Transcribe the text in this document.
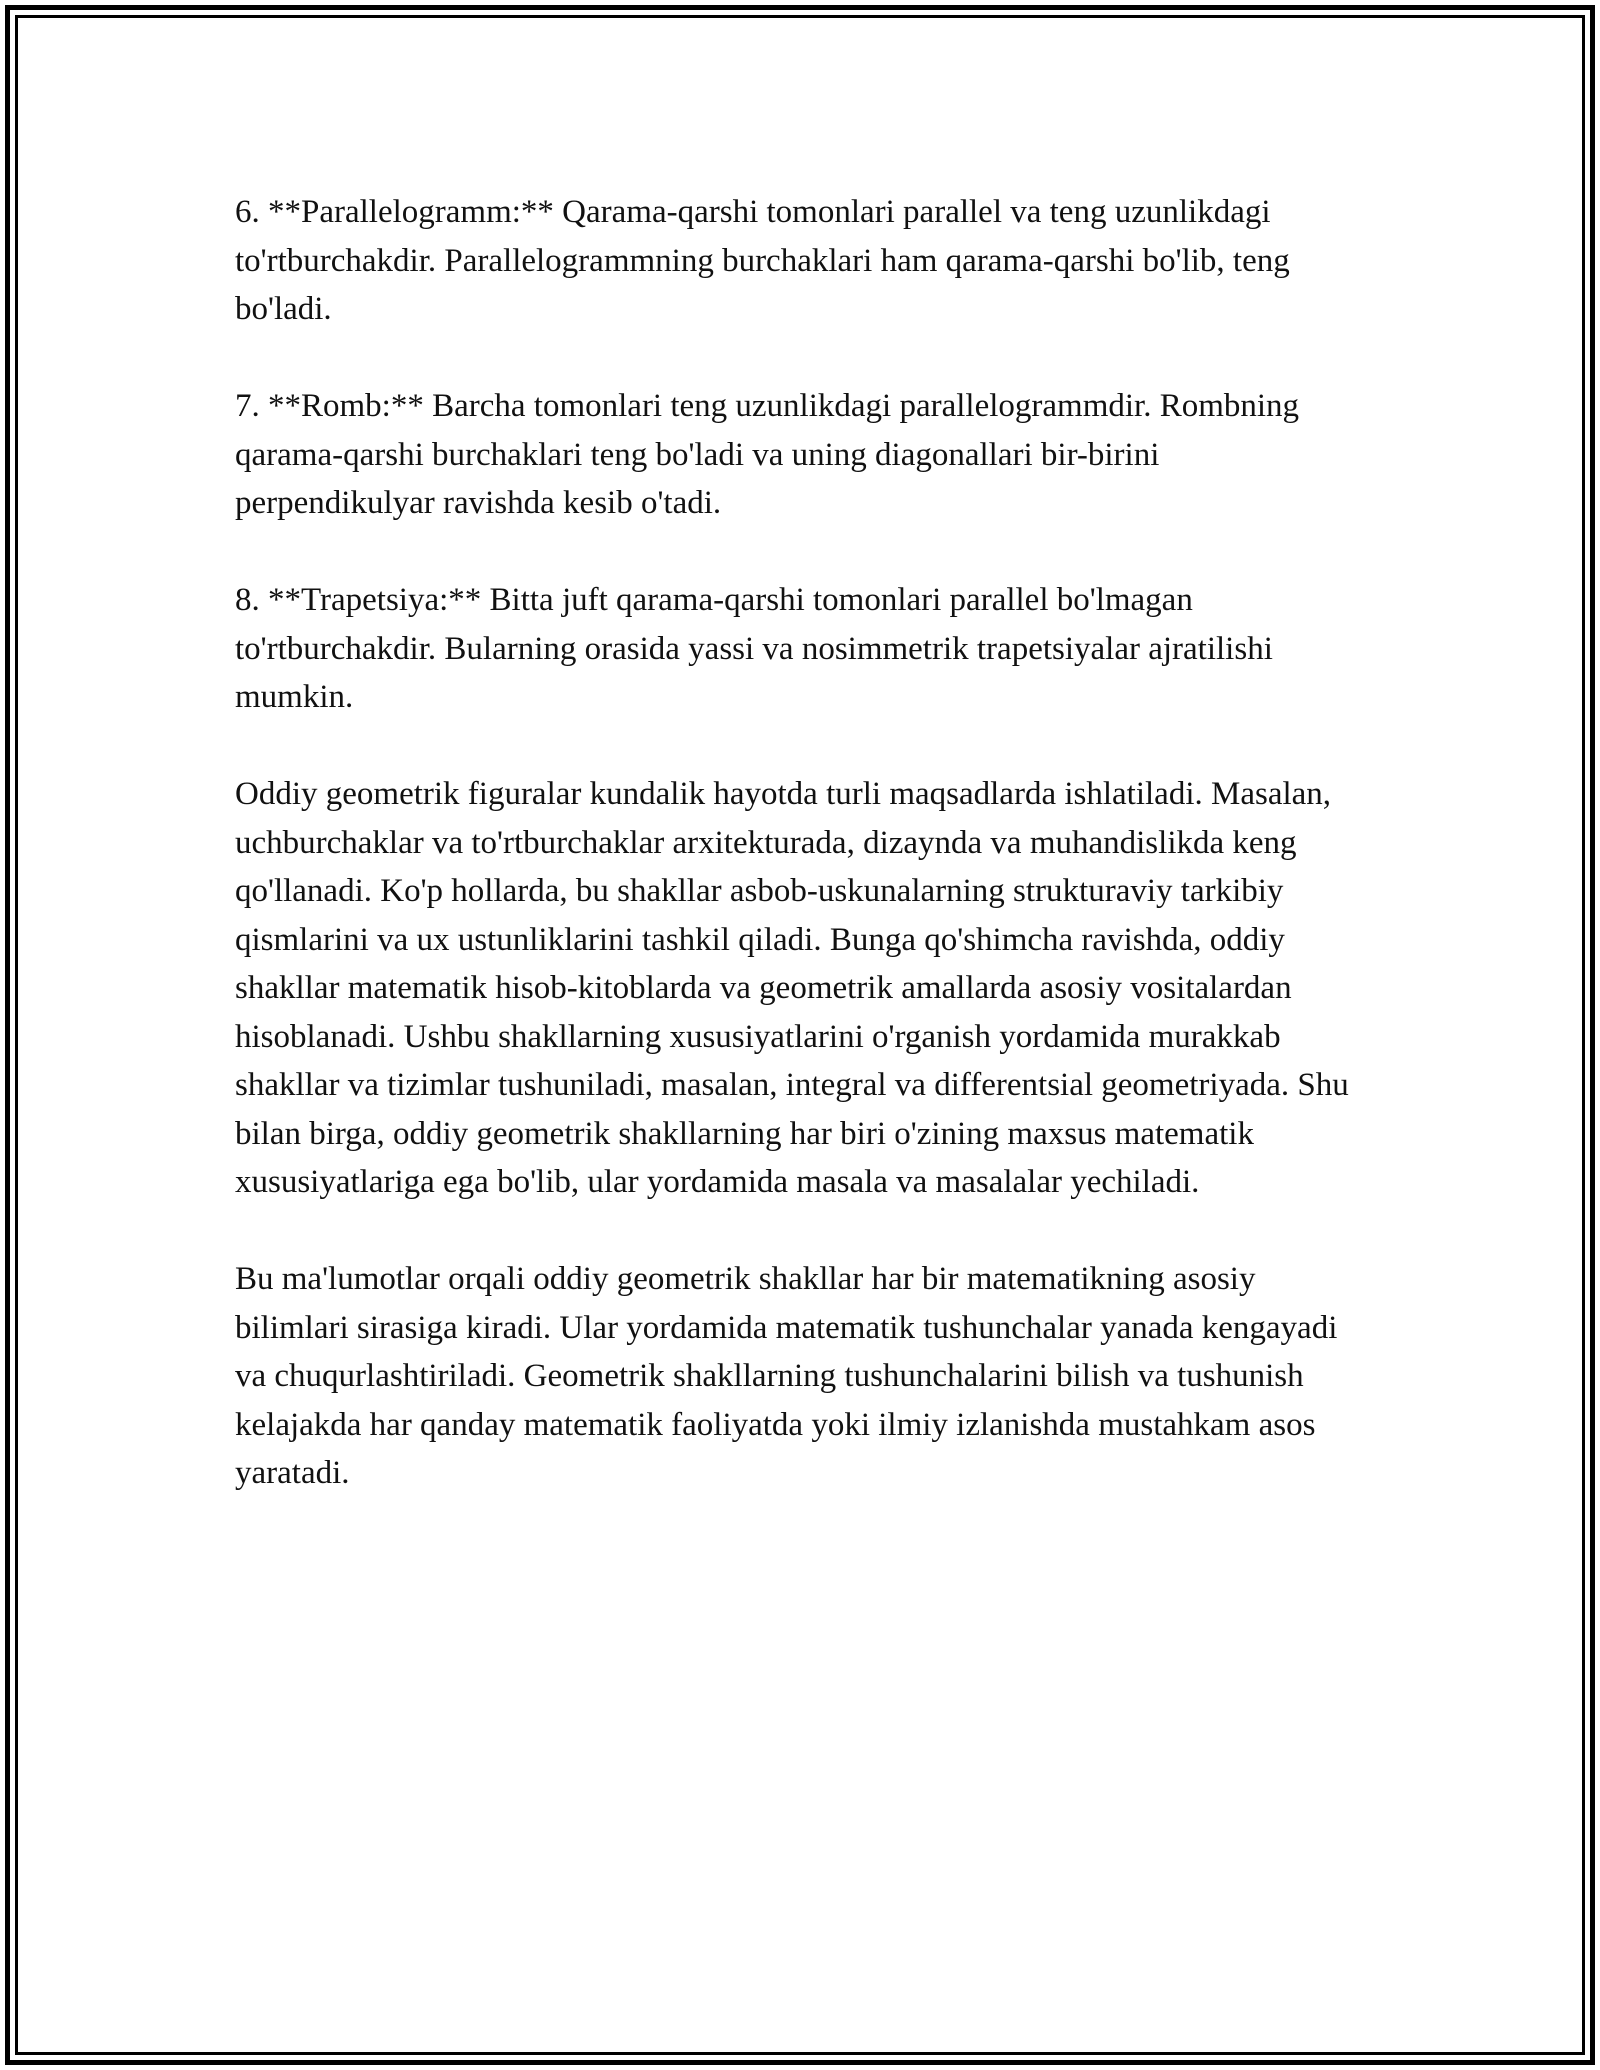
6. **Parallelogramm:** Qarama-qarshi tomonlari parallel va teng uzunlikdagi to'rtburchakdir. Parallelogrammning burchaklari ham qarama-qarshi bo'lib, teng bo'ladi.

7. **Romb:** Barcha tomonlari teng uzunlikdagi parallelogrammdir. Rombning qarama-qarshi burchaklari teng bo'ladi va uning diagonallari bir-birini perpendikulyar ravishda kesib o'tadi.

8. **Trapetsiya:** Bitta juft qarama-qarshi tomonlari parallel bo'lmagan to'rtburchakdir. Bularning orasida yassi va nosimmetrik trapetsiyalar ajratilishi mumkin.

Oddiy geometrik figuralar kundalik hayotda turli maqsadlarda ishlatiladi. Masalan, uchburchaklar va to'rtburchaklar arxitekturada, dizaynda va muhandislikda keng qo'llanadi. Ko'p hollarda, bu shakllar asbob-uskunalarning strukturaviy tarkibiy qismlarini va ux ustunliklarini tashkil qiladi. Bunga qo'shimcha ravishda, oddiy shakllar matematik hisob-kitoblarda va geometrik amallarda asosiy vositalardan hisoblanadi. Ushbu shakllarning xususiyatlarini o'rganish yordamida murakkab shakllar va tizimlar tushuniladi, masalan, integral va differentsial geometriyada. Shu bilan birga, oddiy geometrik shakllarning har biri o'zining maxsus matematik xususiyatlariga ega bo'lib, ular yordamida masala va masalalar yechiladi.

Bu ma'lumotlar orqali oddiy geometrik shakllar har bir matematikning asosiy bilimlari sirasiga kiradi. Ular yordamida matematik tushunchalar yanada kengayadi va chuqurlashtiriladi. Geometrik shakllarning tushunchalarini bilish va tushunish kelajakda har qanday matematik faoliyatda yoki ilmiy izlanishda mustahkam asos yaratadi.
